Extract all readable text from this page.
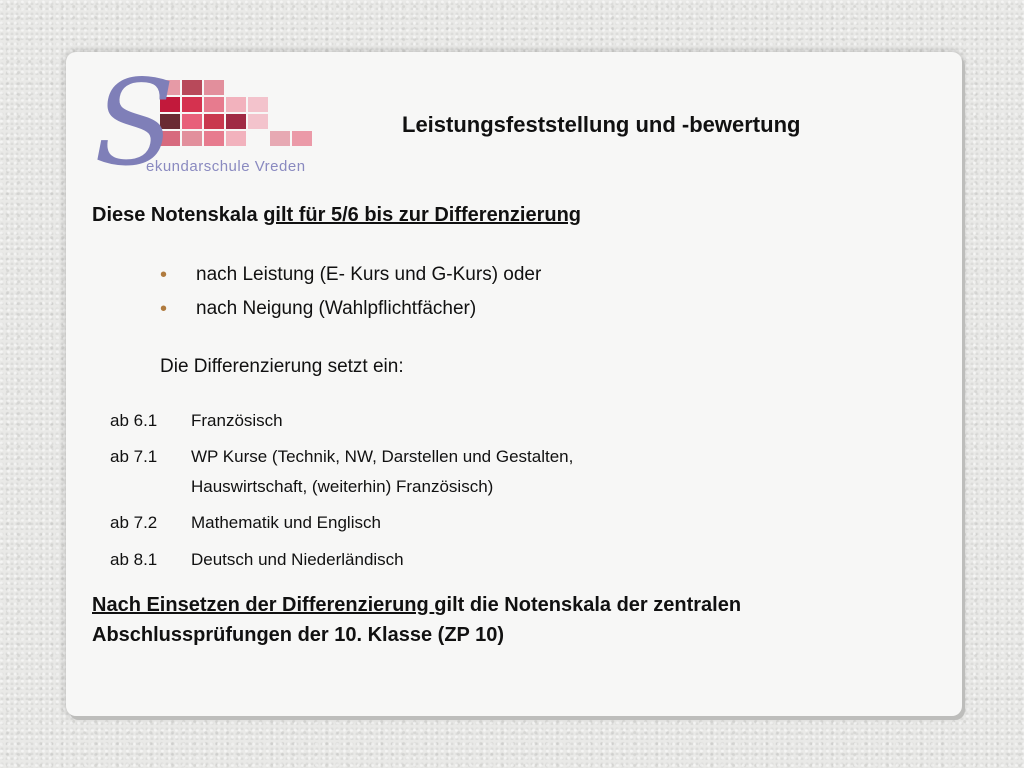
S
ekundarschule Vreden
Leistungsfeststellung und -bewertung
Diese Notenskala gilt für 5/6 bis zur Differenzierung
• nach Leistung (E- Kurs und G-Kurs) oder
• nach Neigung (Wahlpflichtfächer)
Die Differenzierung setzt ein:
ab 6.1	Französisch
ab 7.1	WP Kurse (Technik, NW, Darstellen und Gestalten,
Hauswirtschaft, (weiterhin) Französisch)
ab 7.2	Mathematik und Englisch
ab 8.1	Deutsch und Niederländisch
Nach Einsetzen der Differenzierung gilt die Notenskala der zentralen Abschlussprüfungen der 10. Klasse (ZP 10)
